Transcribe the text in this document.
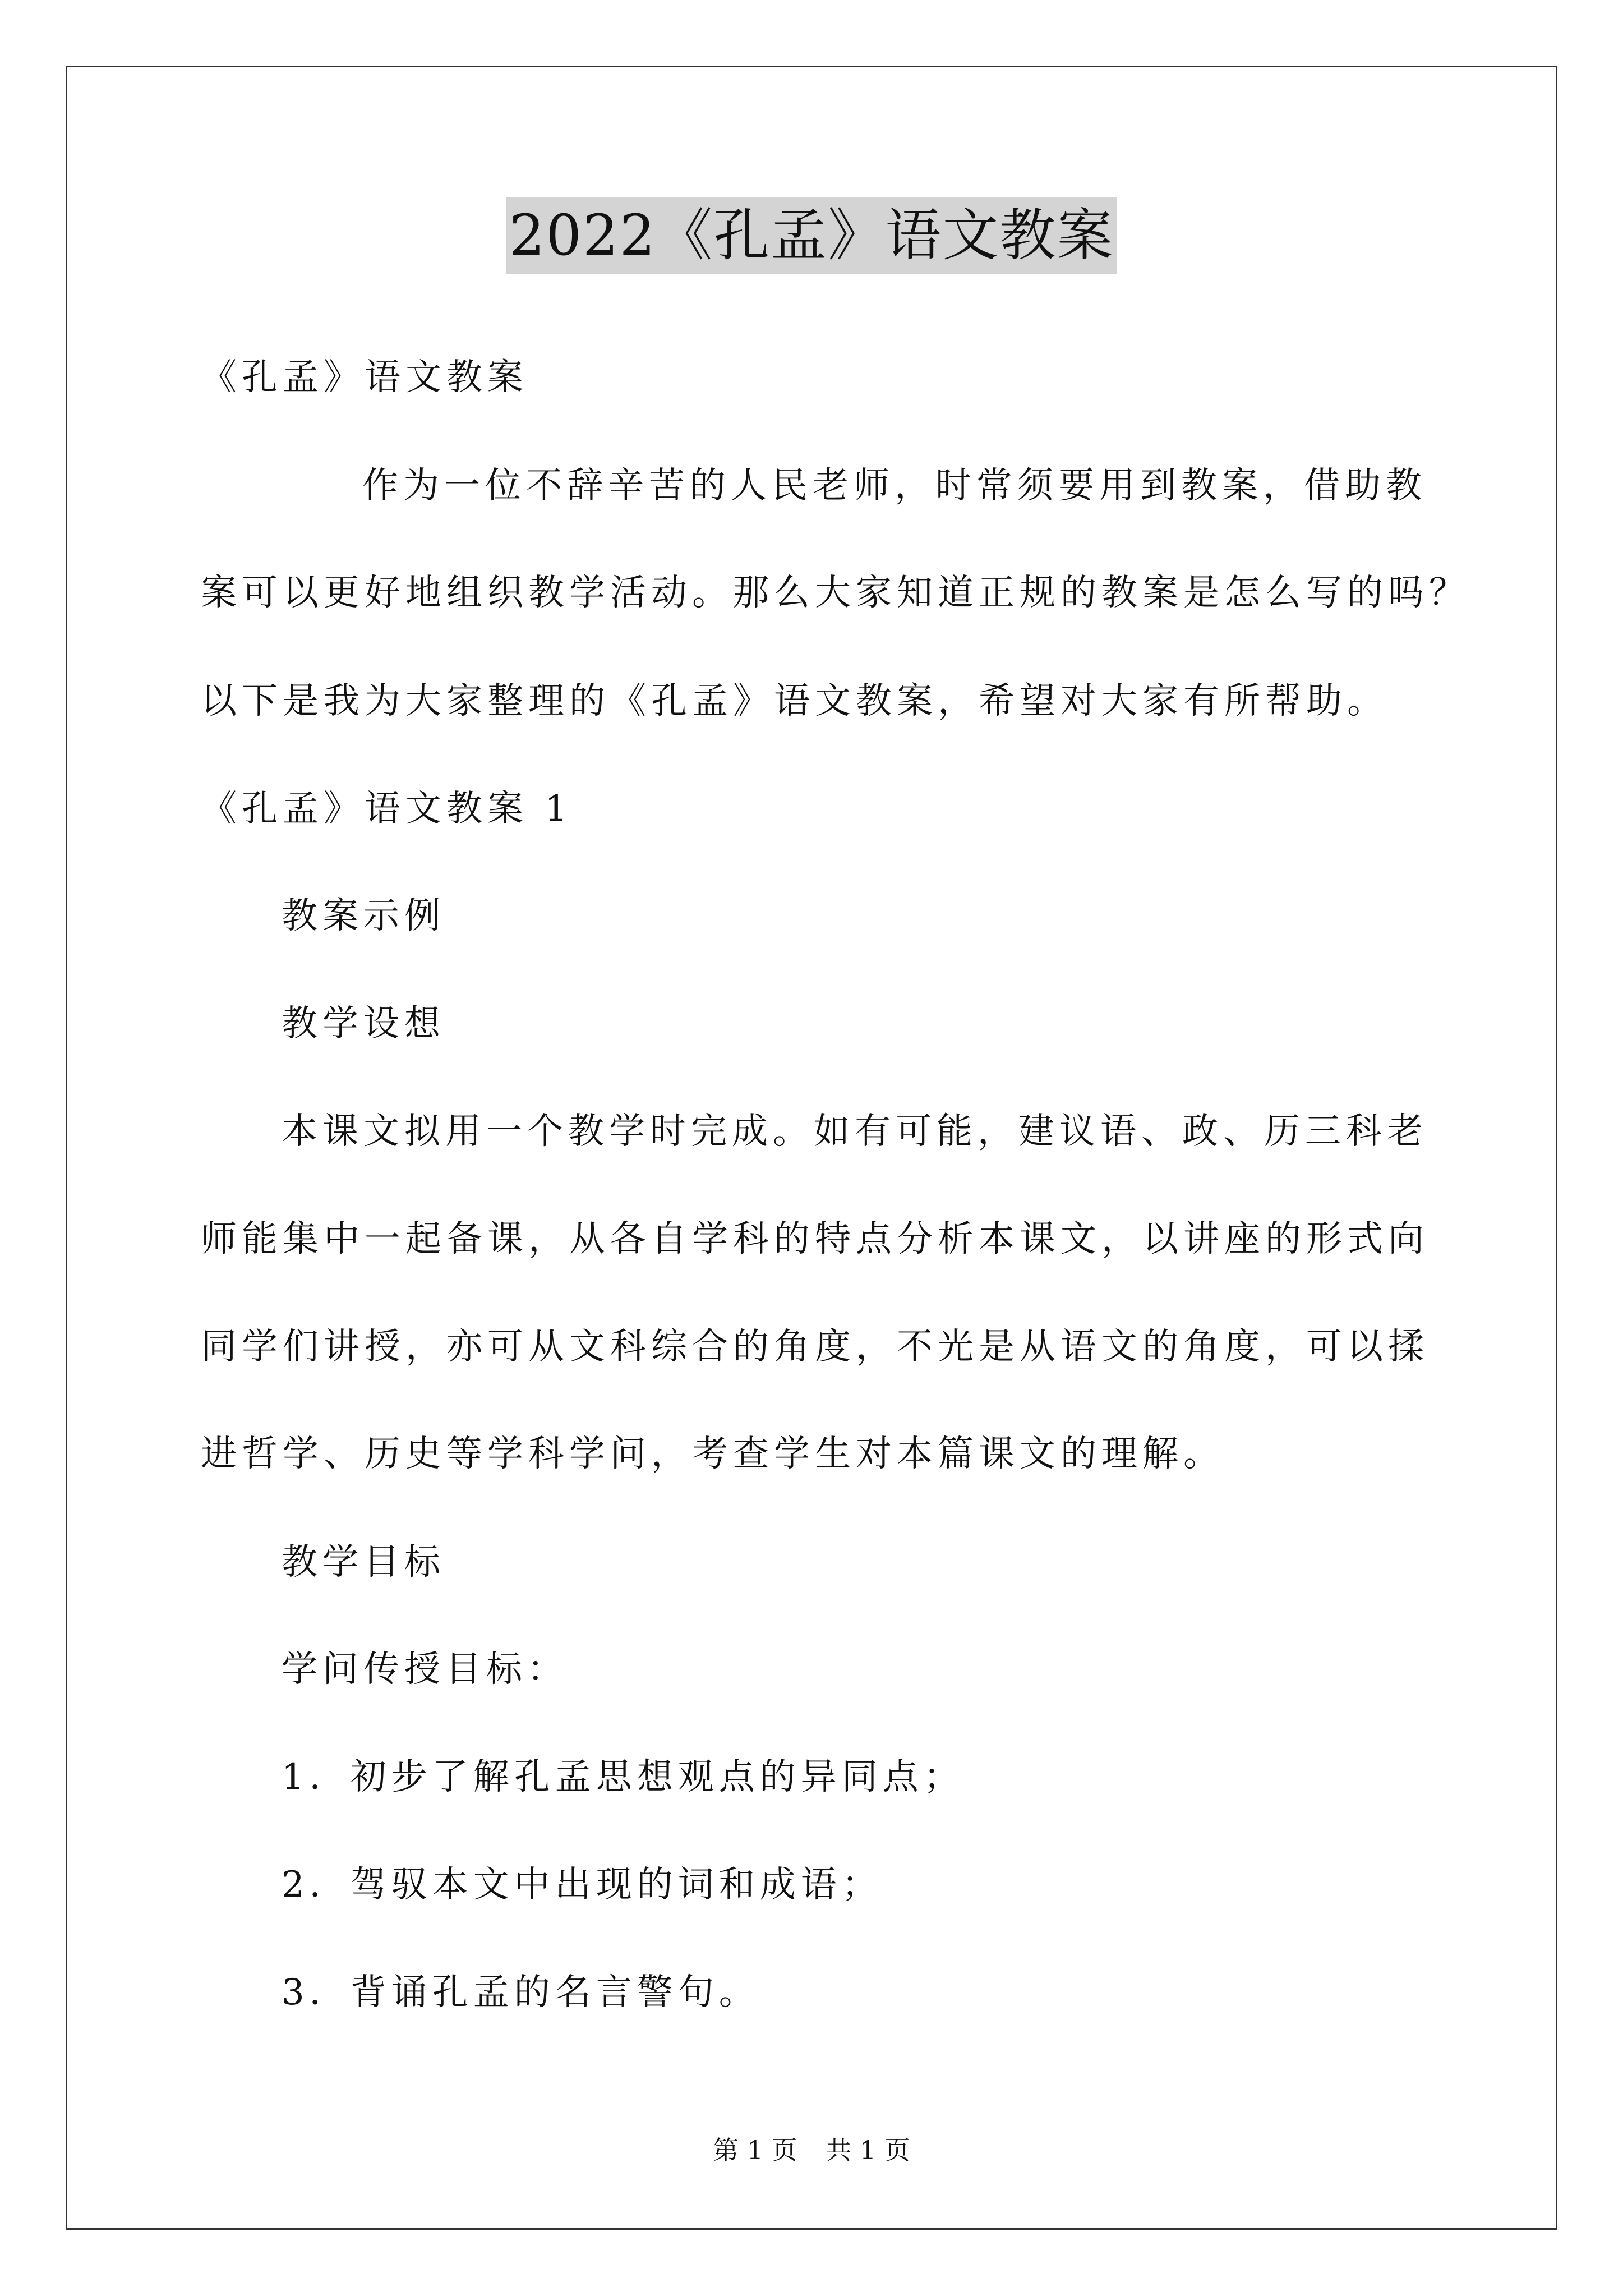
2022《孔孟》语文教案
《孔孟》语文教案
作为一位不辞辛苦的人民老师，时常须要用到教案，借助教
案可以更好地组织教学活动。那么大家知道正规的教案是怎么写的吗？
以下是我为大家整理的《孔孟》语文教案，希望对大家有所帮助。
《孔孟》语文教案 1
教案示例
教学设想
本课文拟用一个教学时完成。如有可能，建议语、政、历三科老
师能集中一起备课，从各自学科的特点分析本课文，以讲座的形式向
同学们讲授，亦可从文科综合的角度，不光是从语文的角度，可以揉
进哲学、历史等学科学问，考查学生对本篇课文的理解。
教学目标
学问传授目标：
1．初步了解孔孟思想观点的异同点；
2．驾驭本文中出现的词和成语；
3．背诵孔孟的名言警句。
第 1 页 共 1 页
